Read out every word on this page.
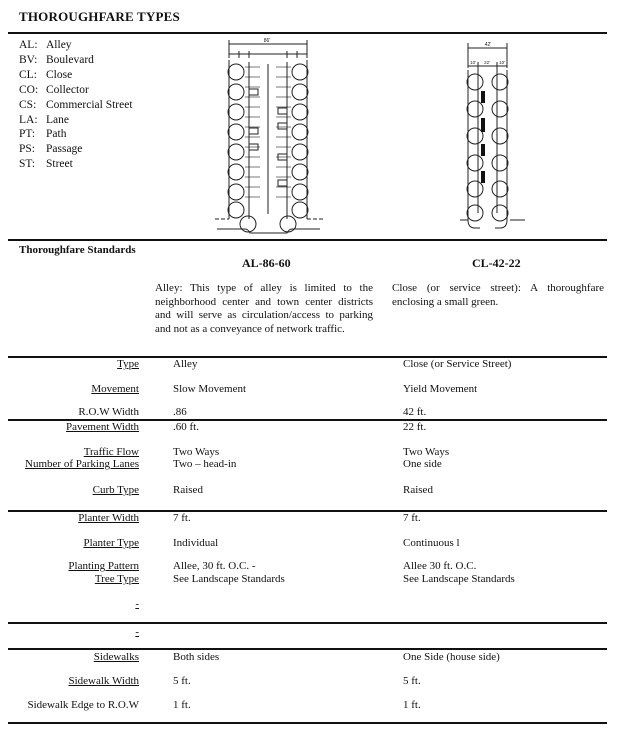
THOROUGHFARE TYPES
AL: Alley
BV: Boulevard
CL: Close
CO: Collector
CS: Commercial Street
LA: Lane
PT: Path
PS: Passage
ST: Street
86'
42'
10' 22' 10'
Thoroughfare Standards
AL-86-60	CL-42-22
Alley: This type of alley is limited to the neighborhood center and town center districts and will serve as circulation/access to parking and not as a conveyance of network traffic.
Close (or service street): A thoroughfare enclosing a small green.
Type	Alley	Close (or Service Street)
Movement	Slow Movement	Yield Movement
R.O.W Width	.86	42 ft.
Pavement Width	.60 ft.	22 ft.
Traffic Flow	Two Ways	Two Ways
Number of Parking Lanes	Two – head-in	One side
Curb Type	Raised	Raised
Planter Width	7 ft.	7 ft.
Planter Type	Individual	Continuous l
Planting Pattern	Allee, 30 ft. O.C. -	Allee 30 ft. O.C.
Tree Type	See Landscape Standards	See Landscape Standards
-
-
Sidewalks	Both sides	One Side (house side)
Sidewalk Width	5 ft.	5 ft.
Sidewalk Edge to R.O.W	1 ft.	1 ft.
